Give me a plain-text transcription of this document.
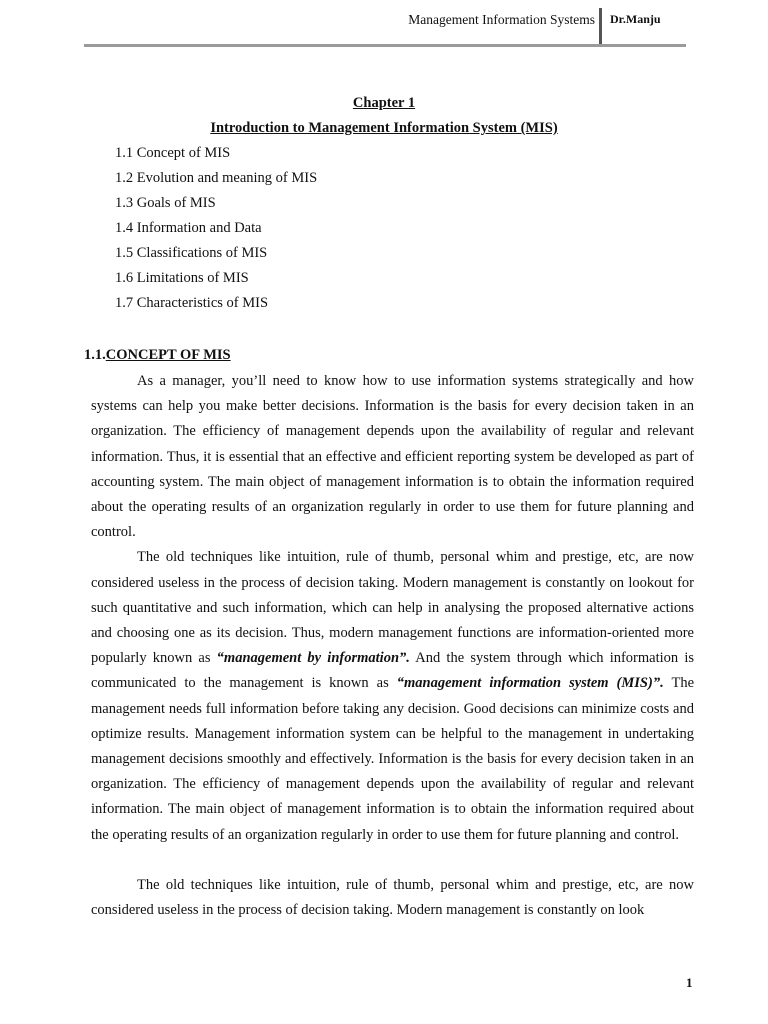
Management Information Systems Dr.Manju
Chapter 1
Introduction to Management Information System (MIS)
1.1 Concept of MIS
1.2 Evolution and meaning of MIS
1.3 Goals of MIS
1.4 Information and Data
1.5 Classifications of MIS
1.6 Limitations of MIS
1.7 Characteristics of MIS
1.1.CONCEPT OF MIS

As a manager, you’ll need to know how to use information systems strategically and how systems can help you make better decisions. Information is the basis for every decision taken in an organization. The efficiency of management depends upon the availability of regular and relevant information. Thus, it is essential that an effective and efficient reporting system be developed as part of accounting system. The main object of management information is to obtain the information required about the operating results of an organization regularly in order to use them for future planning and control.

The old techniques like intuition, rule of thumb, personal whim and prestige, etc, are now considered useless in the process of decision taking. Modern management is constantly on lookout for such quantitative and such information, which can help in analysing the proposed alternative actions and choosing one as its decision. Thus, modern management functions are information-oriented more popularly known as “management by information”. And the system through which information is communicated to the management is known as “management information system (MIS)”. The management needs full information before taking any decision. Good decisions can minimize costs and optimize results. Management information system can be helpful to the management in undertaking management decisions smoothly and effectively. Information is the basis for every decision taken in an organization. The efficiency of management depends upon the availability of regular and relevant information. The main object of management information is to obtain the information required about the operating results of an organization regularly in order to use them for future planning and control.

The old techniques like intuition, rule of thumb, personal whim and prestige, etc, are now considered useless in the process of decision taking. Modern management is constantly on look

1
